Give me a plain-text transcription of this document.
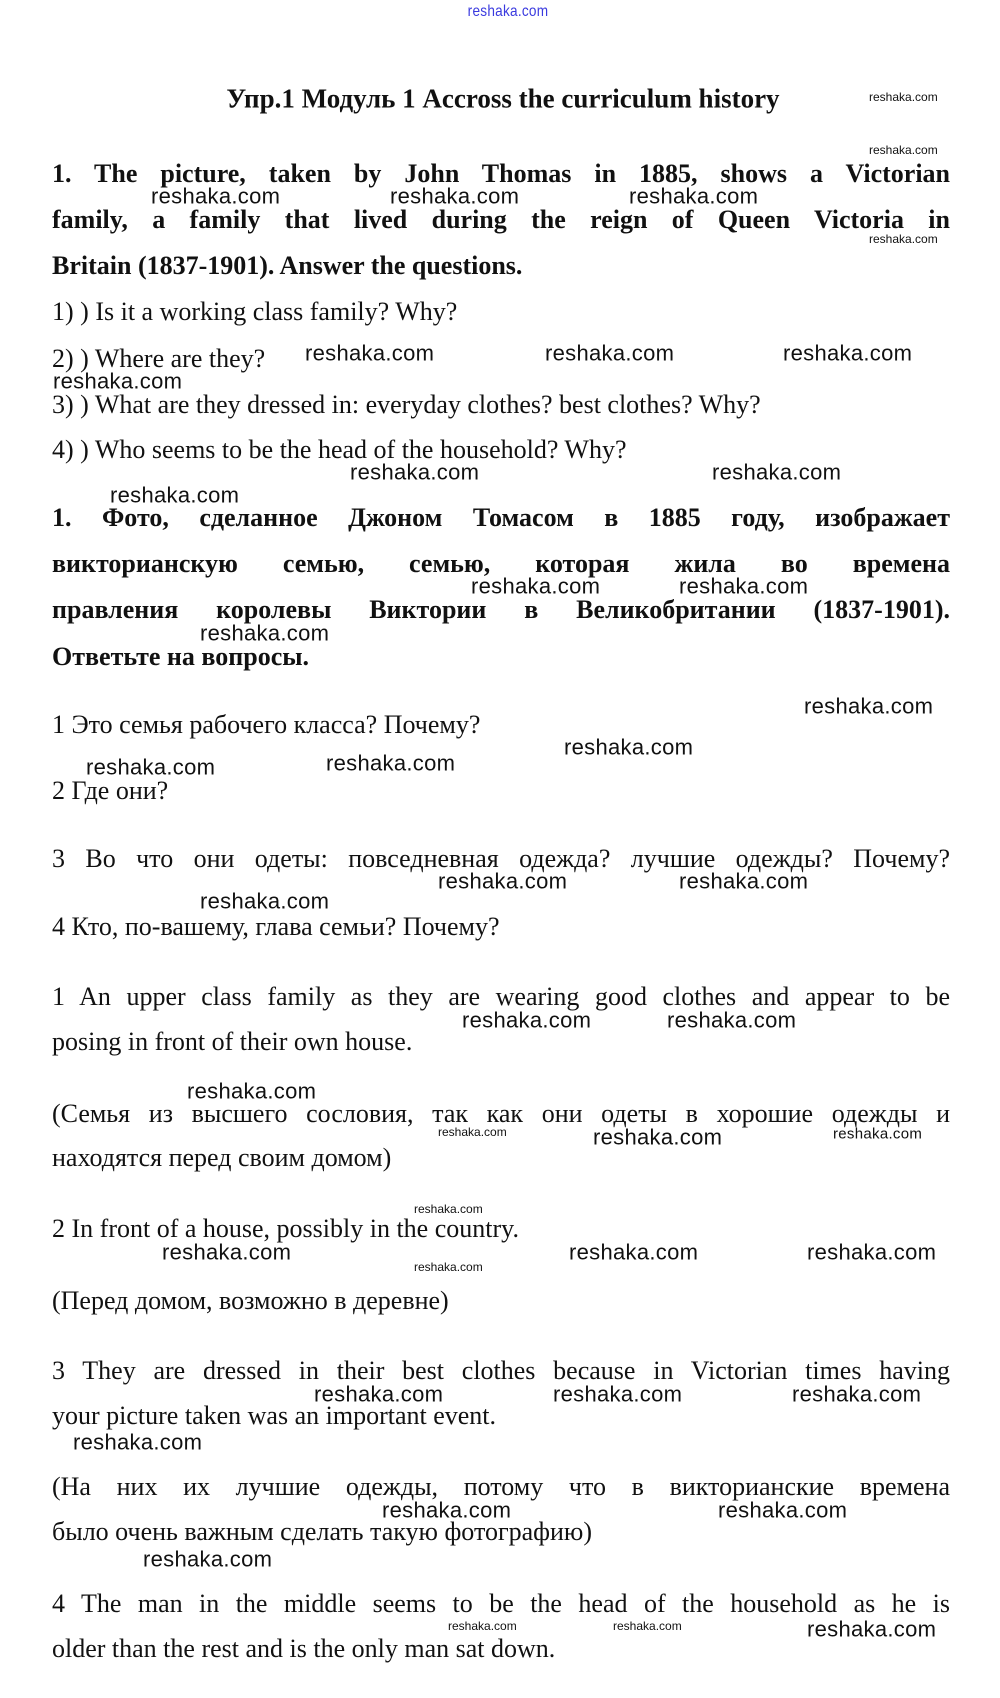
reshaka.com
Упр.1 Модуль 1 Accross the curriculum history
1. The picture, taken by John Thomas in 1885, shows a Victorian
family, a family that lived during the reign of Queen Victoria in
Britain (1837-1901). Answer the questions.
1) ) Is it a working class family? Why?
2) ) Where are they?
3) ) What are they dressed in: everyday clothes? best clothes? Why?
4) ) Who seems to be the head of the household? Why?
1. Фото, сделанное Джоном Томасом в 1885 году, изображает
викторианскую семью, семью, которая жила во времена
правления королевы Виктории в Великобритании (1837-1901).
Ответьте на вопросы.
1 Это семья рабочего класса? Почему?
2 Где они?
3 Во что они одеты: повседневная одежда? лучшие одежды? Почему?
4 Кто, по-вашему, глава семьи? Почему?
1 An upper class family as they are wearing good clothes and appear to be
posing in front of their own house.
(Семья из высшего сословия, так как они одеты в хорошие одежды и
находятся перед своим домом)
2 In front of a house, possibly in the country.
(Перед домом, возможно в деревне)
3 They are dressed in their best clothes because in Victorian times having
your picture taken was an important event.
(На них их лучшие одежды, потому что в викторианские времена
было очень важным сделать такую фотографию)
4 The man in the middle seems to be the head of the household as he is
older than the rest and is the only man sat down.
reshaka.com
reshaka.com
reshaka.com
reshaka.com	reshaka.com
reshaka.com
reshaka.com
reshaka.com	reshaka.com
reshaka.com	reshaka.com	reshaka.com
reshaka.com	reshaka.com	reshaka.com
reshaka.com
reshaka.com	reshaka.com
reshaka.com
reshaka.com	reshaka.com
reshaka.com
reshaka.com
reshaka.com
reshaka.com	reshaka.com
reshaka.com	reshaka.com
reshaka.com
reshaka.com	reshaka.com
reshaka.com
reshaka.com
reshaka.com	reshaka.com	reshaka.com
reshaka.com	reshaka.com	reshaka.com
reshaka.com
reshaka.com	reshaka.com
reshaka.com
reshaka.com
